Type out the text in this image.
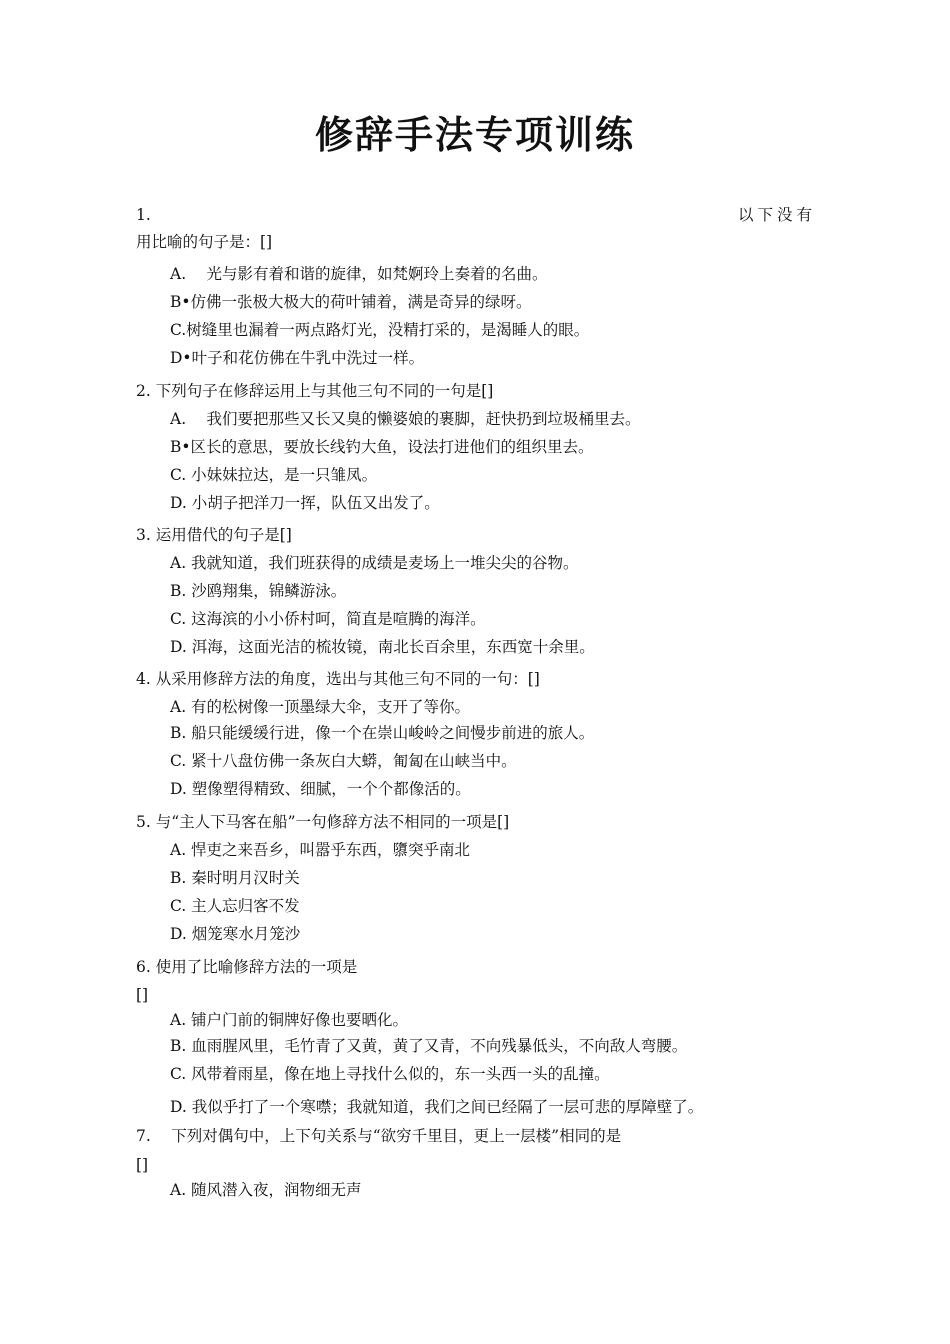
修辞手法专项训练
1.	以下没有
用比喻的句子是：[]
A.　 光与影有着和谐的旋律，如梵婀玲上奏着的名曲。
B•仿佛一张极大极大的荷叶铺着，满是奇异的绿呀。
C.树缝里也漏着一两点路灯光，没精打采的，是渴睡人的眼。
D•叶子和花仿佛在牛乳中洗过一样。
2. 下列句子在修辞运用上与其他三句不同的一句是[]
A.　 我们要把那些又长又臭的懒婆娘的裹脚，赶快扔到垃圾桶里去。
B•区长的意思，要放长线钓大鱼，设法打进他们的组织里去。
C. 小妹妹拉达，是一只雏凤。
D. 小胡子把洋刀一挥，队伍又出发了。
3. 运用借代的句子是[]
A. 我就知道，我们班获得的成绩是麦场上一堆尖尖的谷物。
B. 沙鸥翔集，锦鳞游泳。
C. 这海滨的小小侨村呵，简直是喧腾的海洋。
D. 洱海，这面光洁的梳妆镜，南北长百余里，东西宽十余里。
4. 从采用修辞方法的角度，选出与其他三句不同的一句：[]
A. 有的松树像一顶墨绿大伞，支开了等你。
B. 船只能缓缓行进，像一个在崇山峻岭之间慢步前进的旅人。
C. 紧十八盘仿佛一条灰白大蟒，匍匐在山峡当中。
D. 塑像塑得精致、细腻，一个个都像活的。
5. 与“主人下马客在船”一句修辞方法不相同的一项是[]
A. 悍吏之来吾乡，叫嚣乎东西，隳突乎南北
B. 秦时明月汉时关
C. 主人忘归客不发
D. 烟笼寒水月笼沙
6. 使用了比喻修辞方法的一项是
[]
A. 铺户门前的铜牌好像也要晒化。
B. 血雨腥风里，毛竹青了又黄，黄了又青，不向残暴低头，不向敌人弯腰。
C. 风带着雨星，像在地上寻找什么似的，东一头西一头的乱撞。
D. 我似乎打了一个寒噤；我就知道，我们之间已经隔了一层可悲的厚障壁了。
7.　 下列对偶句中，上下句关系与“欲穷千里目，更上一层楼”相同的是
[]
A. 随风潜入夜，润物细无声
